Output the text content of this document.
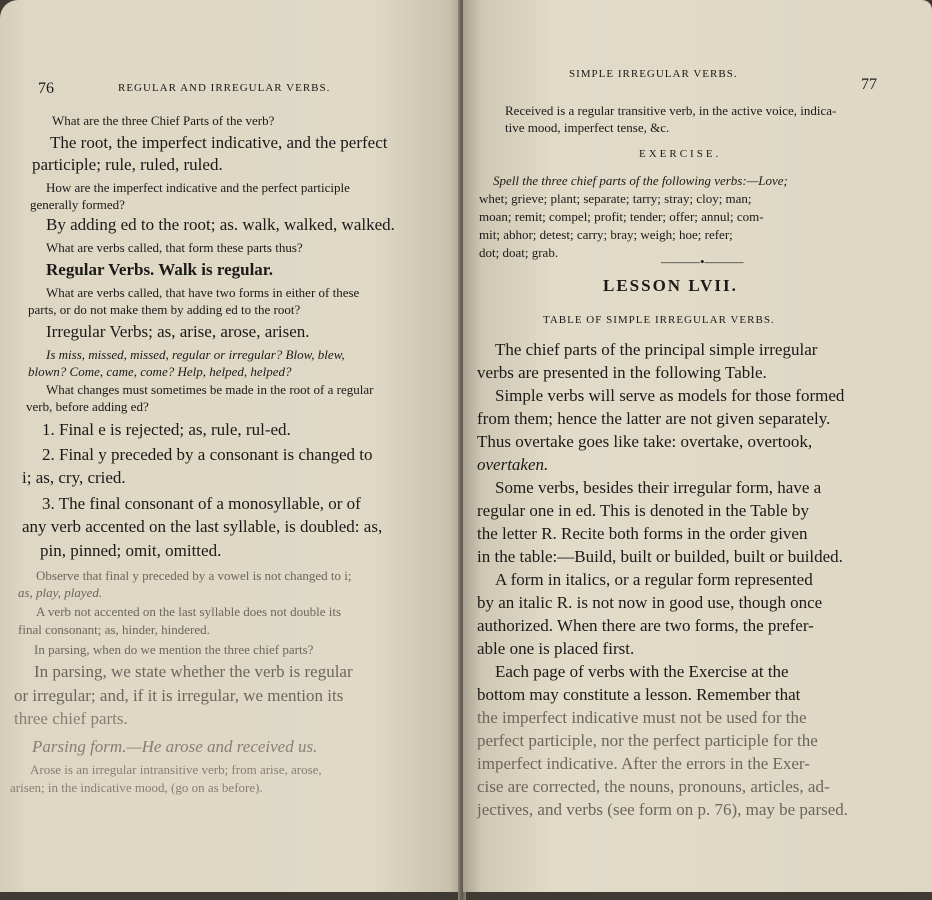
76	REGULAR AND IRREGULAR VERBS.
What are the three Chief Parts of the verb?
The root, the imperfect indicative, and the perfect
participle; rule, ruled, ruled.
How are the imperfect indicative and the perfect participle
generally formed?
By adding ed to the root; as. walk, walked, walked.
What are verbs called, that form these parts thus?
Regular Verbs. Walk is regular.
What are verbs called, that have two forms in either of these
parts, or do not make them by adding ed to the root?
Irregular Verbs; as, arise, arose, arisen.
Is miss, missed, missed, regular or irregular? Blow, blew,
blown? Come, came, come? Help, helped, helped?
What changes must sometimes be made in the root of a regular
verb, before adding ed?
1. Final e is rejected; as, rule, rul-ed.
2. Final y preceded by a consonant is changed to
i; as, cry, cried.
3. The final consonant of a monosyllable, or of
any verb accented on the last syllable, is doubled: as,
pin, pinned; omit, omitted.
Observe that final y preceded by a vowel is not changed to i;
as, play, played.
A verb not accented on the last syllable does not double its
final consonant; as, hinder, hindered.
In parsing, when do we mention the three chief parts?
In parsing, we state whether the verb is regular
or irregular; and, if it is irregular, we mention its
three chief parts.
Parsing form.—He arose and received us.
Arose is an irregular intransitive verb; from arise, arose,
arisen; in the indicative mood, (go on as before).
SIMPLE IRREGULAR VERBS.
77
Received is a regular transitive verb, in the active voice, indica-
tive mood, imperfect tense, &c.
EXERCISE.
Spell the three chief parts of the following verbs:—Love;
whet; grieve; plant; separate; tarry; stray; cloy; man;
moan; remit; compel; profit; tender; offer; annul; com-
mit; abhor; detest; carry; bray; weigh; hoe; refer;
dot; doat; grab.
———•———
LESSON LVII.
TABLE OF SIMPLE IRREGULAR VERBS.
The chief parts of the principal simple irregular
verbs are presented in the following Table.
Simple verbs will serve as models for those formed
from them; hence the latter are not given separately.
Thus overtake goes like take: overtake, overtook,
overtaken.
Some verbs, besides their irregular form, have a
regular one in ed. This is denoted in the Table by
the letter R. Recite both forms in the order given
in the table:—Build, built or builded, built or builded.
A form in italics, or a regular form represented
by an italic R. is not now in good use, though once
authorized. When there are two forms, the prefer-
able one is placed first.
Each page of verbs with the Exercise at the
bottom may constitute a lesson. Remember that
the imperfect indicative must not be used for the
perfect participle, nor the perfect participle for the
imperfect indicative. After the errors in the Exer-
cise are corrected, the nouns, pronouns, articles, ad-
jectives, and verbs (see form on p. 76), may be parsed.
